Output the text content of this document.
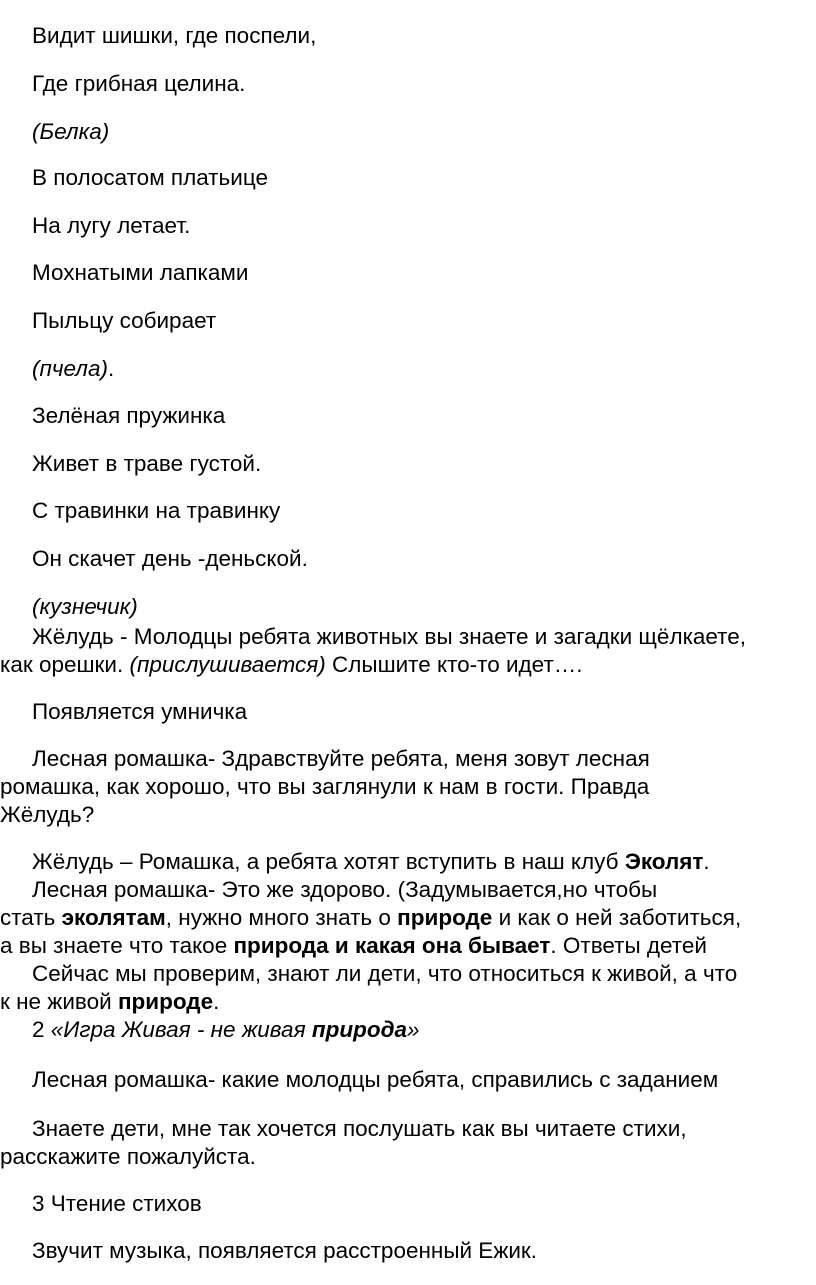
Видит шишки, где поспели,
Где грибная целина.
(Белка)
В полосатом платьице
На лугу летает.
Мохнатыми лапками
Пыльцу собирает
(пчела).
Зелёная пружинка
Живет в траве густой.
С травинки на травинку
Он скачет день -деньской.
(кузнечик)
Жёлудь - Молодцы ребята животных вы знаете и загадки щёлкаете,
как орешки. (прислушивается) Слышите кто-то идет….
Появляется умничка
Лесная ромашка- Здравствуйте ребята, меня зовут лесная
ромашка, как хорошо, что вы заглянули к нам в гости. Правда
Жёлудь?
Жёлудь – Ромашка, а ребята хотят вступить в наш клуб Эколят.
Лесная ромашка- Это же здорово. (Задумывается,но чтобы
стать эколятам, нужно много знать о природе и как о ней заботиться,
а вы знаете что такое природа и какая она бывает. Ответы детей
Сейчас мы проверим, знают ли дети, что относиться к живой, а что
к не живой природе.
2 «Игра Живая - не живая природа»
Лесная ромашка- какие молодцы ребята, справились с заданием
Знаете дети, мне так хочется послушать как вы читаете стихи,
расскажите пожалуйста.
3 Чтение стихов
Звучит музыка, появляется расстроенный Ежик.
